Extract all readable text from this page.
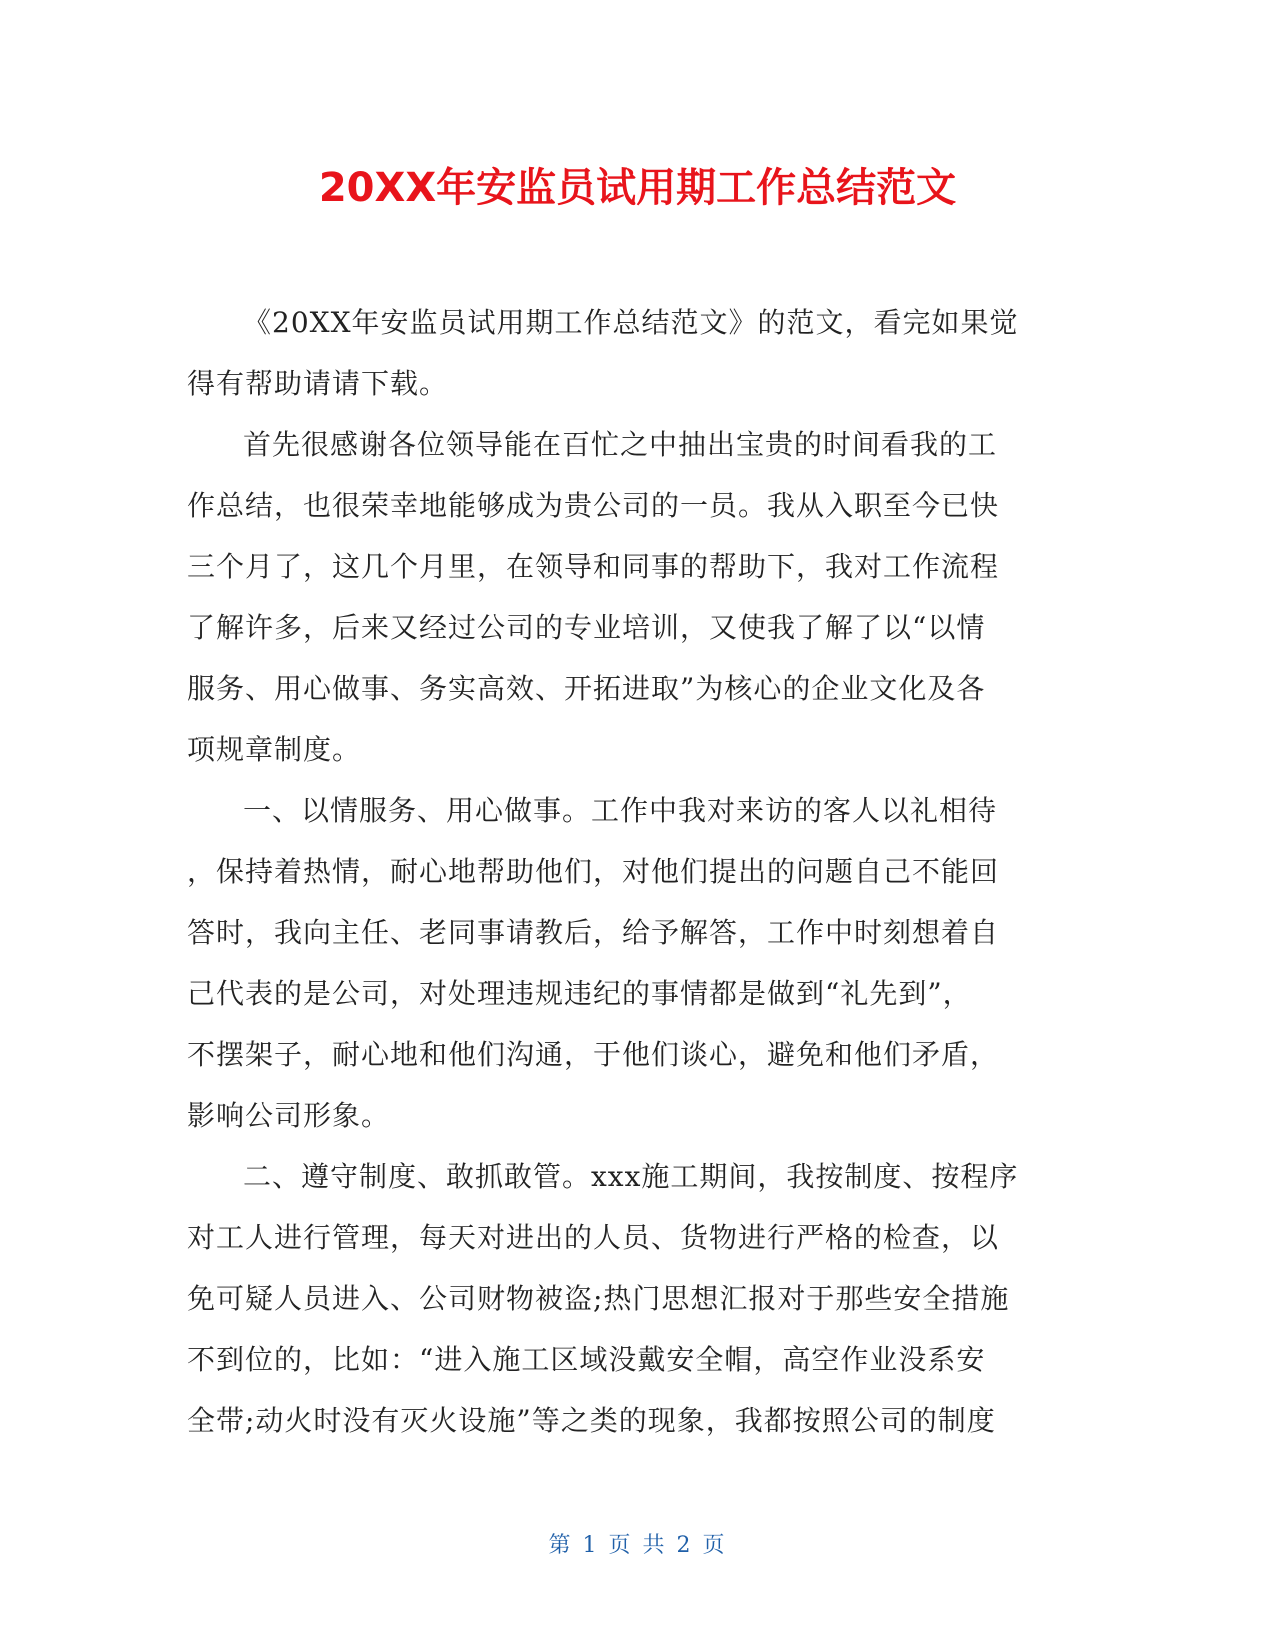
20XX年安监员试用期工作总结范文
《20XX年安监员试用期工作总结范文》的范文，看完如果觉
得有帮助请请下载。
首先很感谢各位领导能在百忙之中抽出宝贵的时间看我的工
作总结，也很荣幸地能够成为贵公司的一员。我从入职至今已快
三个月了，这几个月里，在领导和同事的帮助下，我对工作流程
了解许多，后来又经过公司的专业培训，又使我了解了以“以情
服务、用心做事、务实高效、开拓进取”为核心的企业文化及各
项规章制度。
一、以情服务、用心做事。工作中我对来访的客人以礼相待
，保持着热情，耐心地帮助他们，对他们提出的问题自己不能回
答时，我向主任、老同事请教后，给予解答，工作中时刻想着自
己代表的是公司，对处理违规违纪的事情都是做到“礼先到”，
不摆架子，耐心地和他们沟通，于他们谈心，避免和他们矛盾，
影响公司形象。
二、遵守制度、敢抓敢管。xxx施工期间，我按制度、按程序
对工人进行管理，每天对进出的人员、货物进行严格的检查，以
免可疑人员进入、公司财物被盗;热门思想汇报对于那些安全措施
不到位的，比如：“进入施工区域没戴安全帽，高空作业没系安
全带;动火时没有灭火设施”等之类的现象，我都按照公司的制度
第 1 页 共 2 页
